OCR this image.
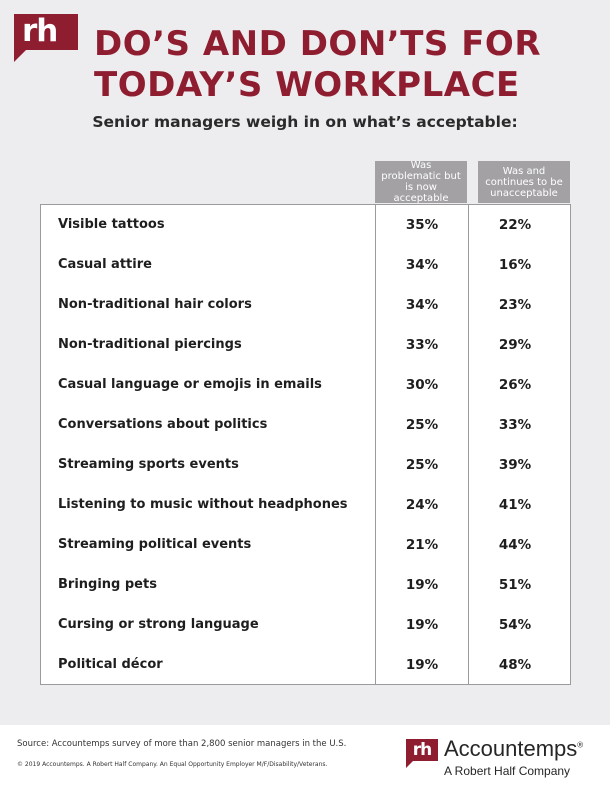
rh DO’S AND DON’TS FOR
TODAY’S WORKPLACE
Senior managers weigh in on what’s acceptable:
Was problematic but is now acceptable
Was and continues to be unacceptable
Visible tattoos	35%	22%
Casual attire	34%	16%
Non-traditional hair colors	34%	23%
Non-traditional piercings	33%	29%
Casual language or emojis in emails	30%	26%
Conversations about politics	25%	33%
Streaming sports events	25%	39%
Listening to music without headphones	24%	41%
Streaming political events	21%	44%
Bringing pets	19%	51%
Cursing or strong language	19%	54%
Political décor	19%	48%
Source: Accountemps survey of more than 2,800 senior managers in the U.S.
© 2019 Accountemps. A Robert Half Company. An Equal Opportunity Employer M/F/Disability/Veterans.
rh Accountemps®
A Robert Half Company
